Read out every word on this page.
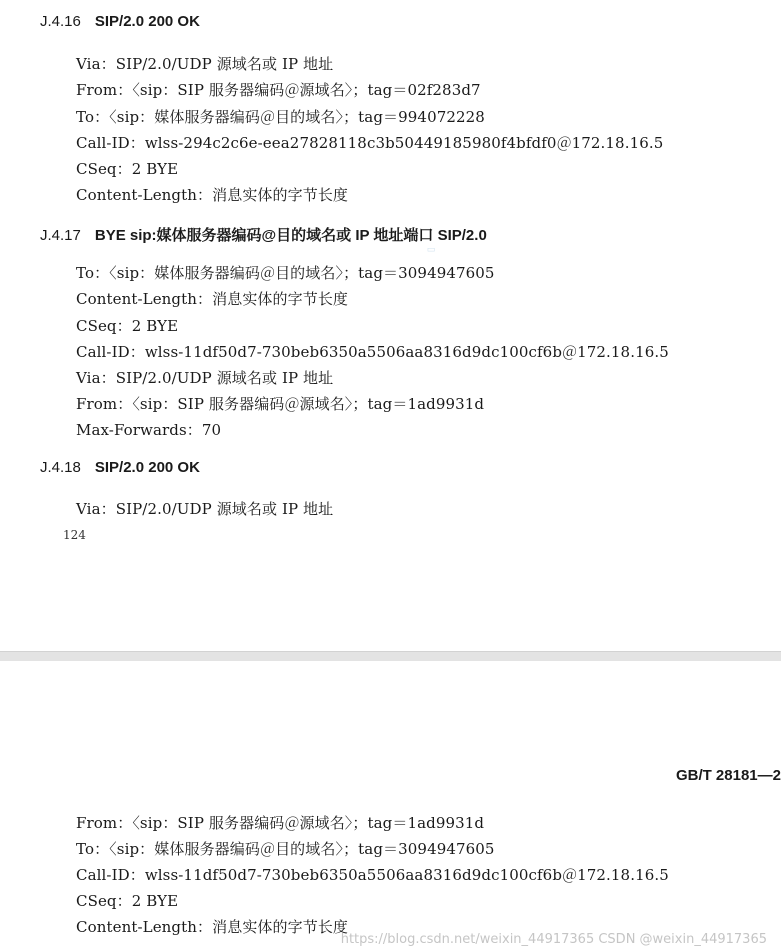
J.4.16 SIP/2.0 200 OK
Via：SIP/2.0/UDP 源域名或 IP 地址
From：〈sip：SIP 服务器编码＠源域名〉；tag＝02f283d7
To：〈sip：媒体服务器编码＠目的域名〉；tag＝994072228
Call-ID：wlss-294c2c6e-eea27828118c3b50449185980f4bfdf0＠172.18.16.5
CSeq：2 BYE
Content-Length：消息实体的字节长度
J.4.17 BYE sip:媒体服务器编码@目的域名或 IP 地址端口 SIP/2.0
▭
To：〈sip：媒体服务器编码＠目的域名〉；tag＝3094947605
Content-Length：消息实体的字节长度
CSeq：2 BYE
Call-ID：wlss-11df50d7-730beb6350a5506aa8316d9dc100cf6b＠172.18.16.5
Via：SIP/2.0/UDP 源域名或 IP 地址
From：〈sip：SIP 服务器编码＠源域名〉；tag＝1ad9931d
Max-Forwards：70
J.4.18 SIP/2.0 200 OK
Via：SIP/2.0/UDP 源域名或 IP 地址
124
GB/T 28181—2
From：〈sip：SIP 服务器编码＠源域名〉；tag＝1ad9931d
To：〈sip：媒体服务器编码＠目的域名〉；tag＝3094947605
Call-ID：wlss-11df50d7-730beb6350a5506aa8316d9dc100cf6b＠172.18.16.5
CSeq：2 BYE
Content-Length：消息实体的字节长度
https://blog.csdn.net/weixin_44917365 CSDN @weixin_44917365
